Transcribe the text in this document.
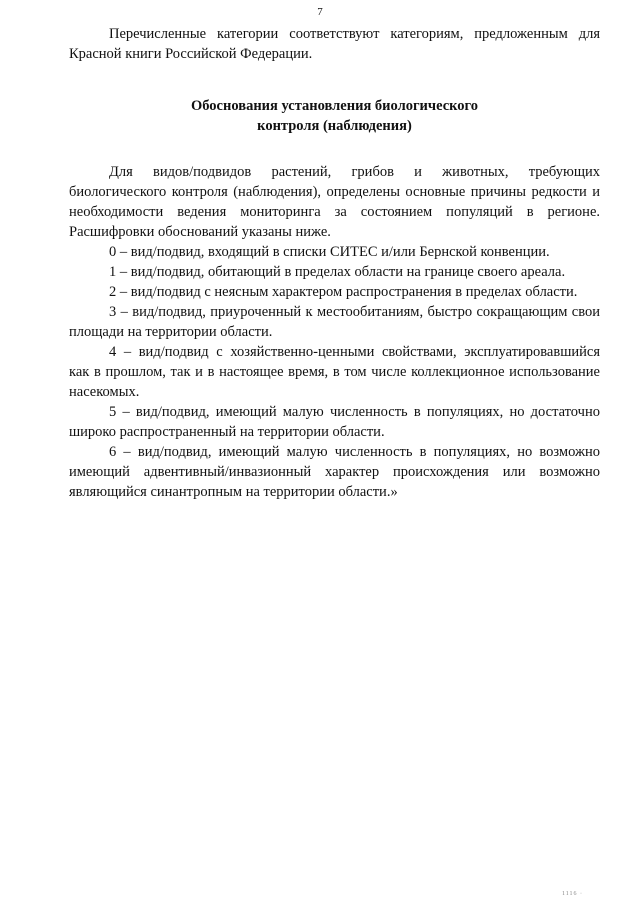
7

Перечисленные категории соответствуют категориям, предложенным для Красной книги Российской Федерации.

Обоснования установления биологического
контроля (наблюдения)

Для видов/подвидов растений, грибов и животных, требующих биологического контроля (наблюдения), определены основные причины редкости и необходимости ведения мониторинга за состоянием популяций в регионе. Расшифровки обоснований указаны ниже.

0 – вид/подвид, входящий в списки СИТЕС и/или Бернской конвенции.

1 – вид/подвид, обитающий в пределах области на границе своего ареала.

2 – вид/подвид с неясным характером распространения в пределах области.

3 – вид/подвид, приуроченный к местообитаниям, быстро сокращающим свои площади на территории области.

4 – вид/подвид с хозяйственно-ценными свойствами, эксплуатировавшийся как в прошлом, так и в настоящее время, в том числе коллекционное использование насекомых.

5 – вид/подвид, имеющий малую численность в популяциях, но достаточно широко распространенный на территории области.

6 – вид/подвид, имеющий малую численность в популяциях, но возможно имеющий адвентивный/инвазионный характер происхождения или возможно являющийся синантропным на территории области.»

1116 ·
